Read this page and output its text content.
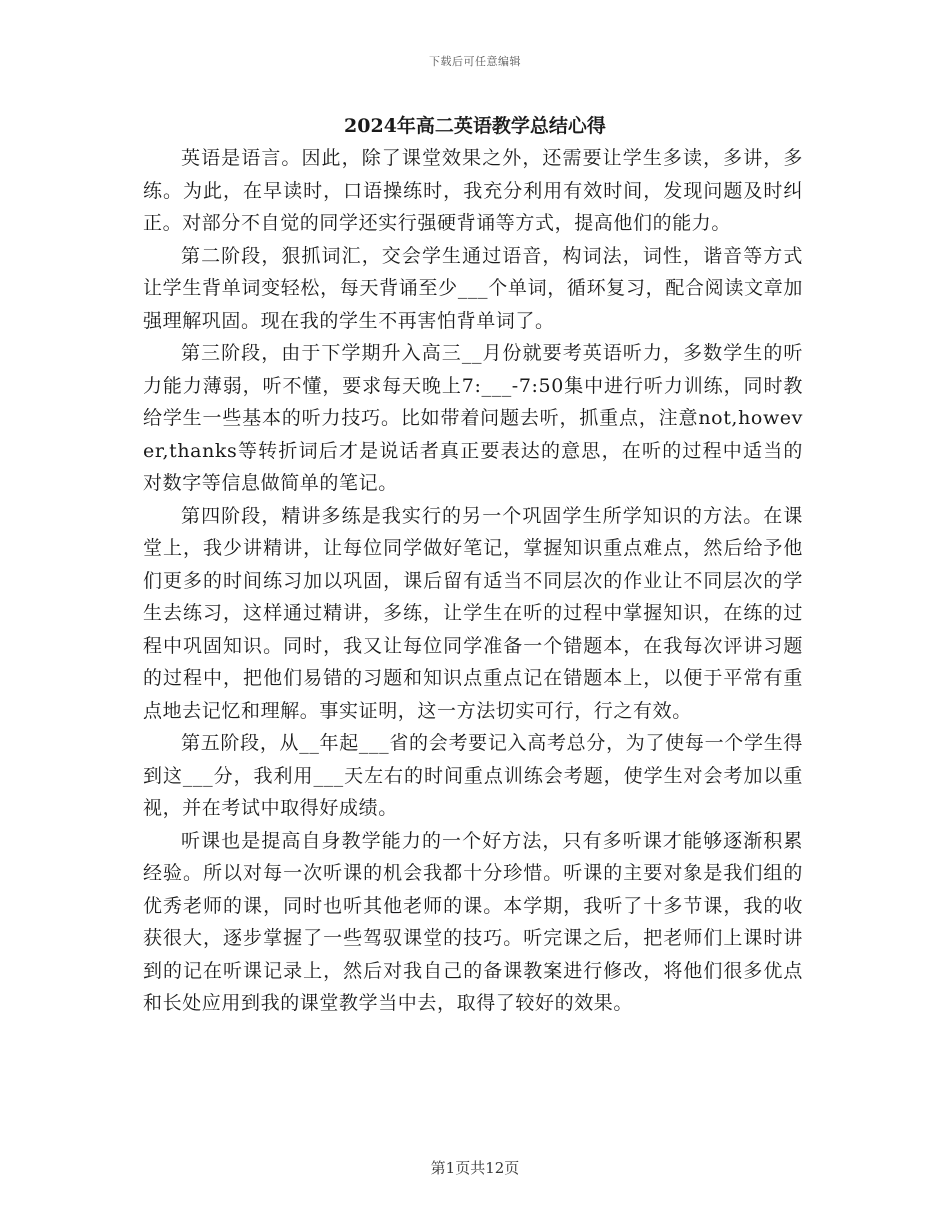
下载后可任意编辑
2024年高二英语教学总结心得

英语是语言。因此，除了课堂效果之外，还需要让学生多读，多讲，多练。为此，在早读时，口语操练时，我充分利用有效时间，发现问题及时纠正。对部分不自觉的同学还实行强硬背诵等方式，提高他们的能力。

第二阶段，狠抓词汇，交会学生通过语音，构词法，词性，谐音等方式让学生背单词变轻松，每天背诵至少___个单词，循环复习，配合阅读文章加强理解巩固。现在我的学生不再害怕背单词了。

第三阶段，由于下学期升入高三__月份就要考英语听力，多数学生的听力能力薄弱，听不懂，要求每天晚上7:___-7:50集中进行听力训练，同时教给学生一些基本的听力技巧。比如带着问题去听，抓重点，注意not,however,thanks等转折词后才是说话者真正要表达的意思，在听的过程中适当的对数字等信息做简单的笔记。

第四阶段，精讲多练是我实行的另一个巩固学生所学知识的方法。在课堂上，我少讲精讲，让每位同学做好笔记，掌握知识重点难点，然后给予他们更多的时间练习加以巩固，课后留有适当不同层次的作业让不同层次的学生去练习，这样通过精讲，多练，让学生在听的过程中掌握知识，在练的过程中巩固知识。同时，我又让每位同学准备一个错题本，在我每次评讲习题的过程中，把他们易错的习题和知识点重点记在错题本上，以便于平常有重点地去记忆和理解。事实证明，这一方法切实可行，行之有效。

第五阶段，从__年起___省的会考要记入高考总分，为了使每一个学生得到这___分，我利用___天左右的时间重点训练会考题，使学生对会考加以重视，并在考试中取得好成绩。

听课也是提高自身教学能力的一个好方法，只有多听课才能够逐渐积累经验。所以对每一次听课的机会我都十分珍惜。听课的主要对象是我们组的优秀老师的课，同时也听其他老师的课。本学期，我听了十多节课，我的收获很大，逐步掌握了一些驾驭课堂的技巧。听完课之后，把老师们上课时讲到的记在听课记录上，然后对我自己的备课教案进行修改，将他们很多优点和长处应用到我的课堂教学当中去，取得了较好的效果。

第1页共12页
